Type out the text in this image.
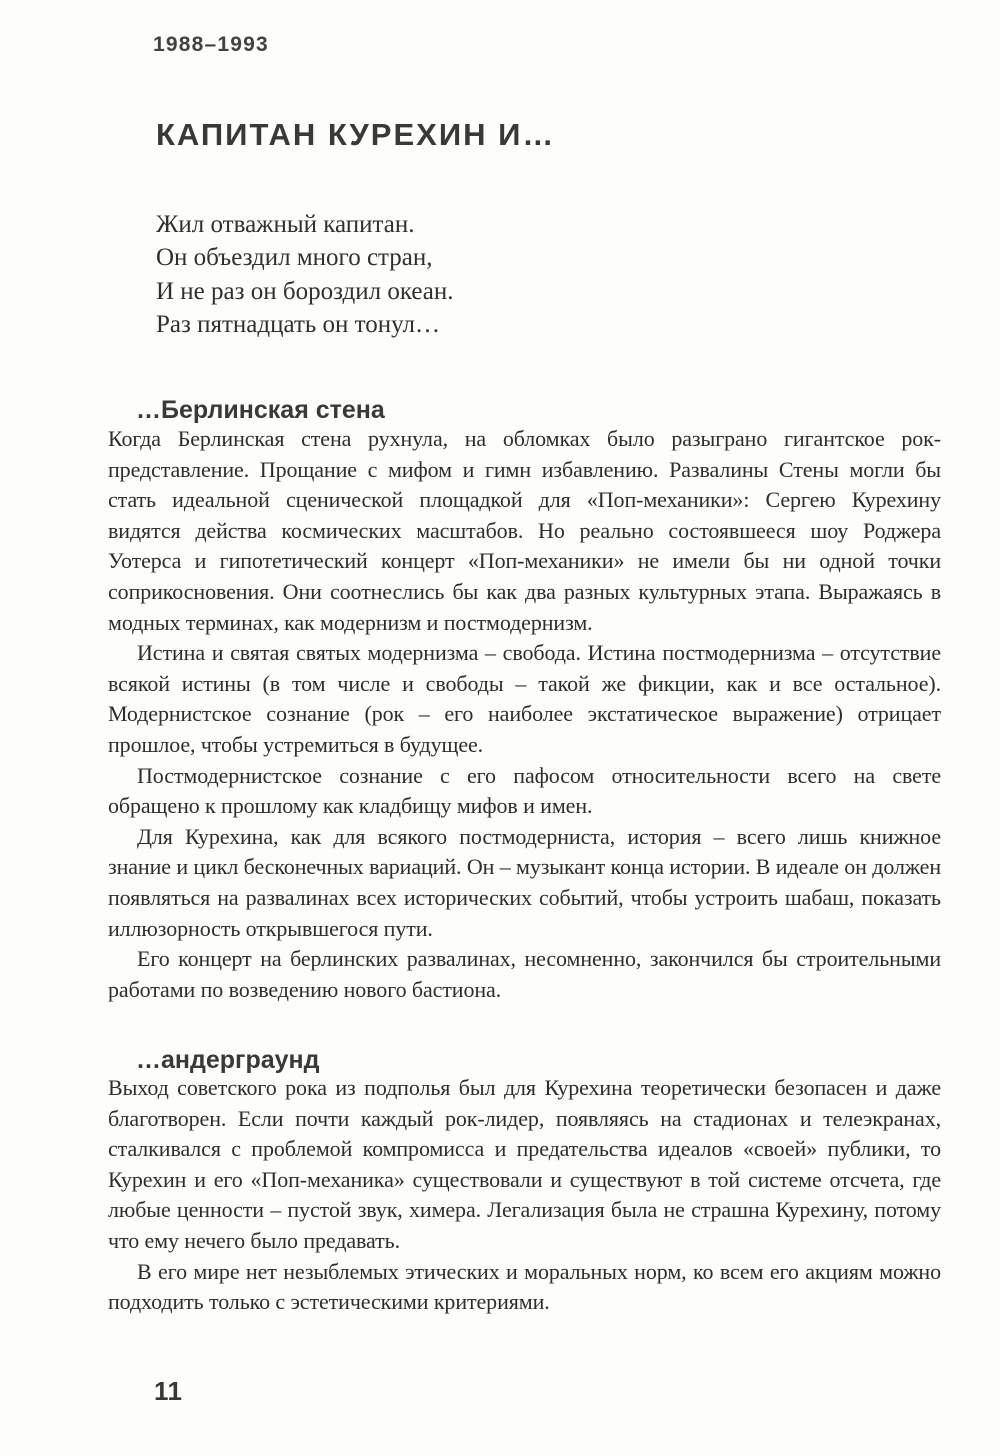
1988–1993
КАПИТАН КУРЕХИН И…
Жил отважный капитан.
Он объездил много стран,
И не раз он бороздил океан.
Раз пятнадцать он тонул…
…Берлинская стена

Когда Берлинская стена рухнула, на обломках было разыграно гигантское рок-представление. Прощание с мифом и гимн избавлению. Развалины Стены могли бы стать идеальной сценической площадкой для «Поп-механики»: Сергею Курехину видятся действа космических масштабов. Но реально состоявшееся шоу Роджера Уотерса и гипотетический концерт «Поп-механики» не имели бы ни одной точки соприкосновения. Они соотнеслись бы как два разных культурных этапа. Выражаясь в модных терминах, как модернизм и постмодернизм.

Истина и святая святых модернизма – свобода. Истина постмодернизма – отсутствие всякой истины (в том числе и свободы – такой же фикции, как и все остальное). Модернистское сознание (рок – его наиболее экстатическое выражение) отрицает прошлое, чтобы устремиться в будущее.

Постмодернистское сознание с его пафосом относительности всего на свете обращено к прошлому как кладбищу мифов и имен.

Для Курехина, как для всякого постмодерниста, история – всего лишь книжное знание и цикл бесконечных вариаций. Он – музыкант конца истории. В идеале он должен появляться на развалинах всех исторических событий, чтобы устроить шабаш, показать иллюзорность открывшегося пути.

Его концерт на берлинских развалинах, несомненно, закончился бы строительными работами по возведению нового бастиона.

…андерграунд

Выход советского рока из подполья был для Курехина теоретически безопасен и даже благотворен. Если почти каждый рок-лидер, появляясь на стадионах и телеэкранах, сталкивался с проблемой компромисса и предательства идеалов «своей» публики, то Курехин и его «Поп-механика» существовали и существуют в той системе отсчета, где любые ценности – пустой звук, химера. Легализация была не страшна Курехину, потому что ему нечего было предавать.

В его мире нет незыблемых этических и моральных норм, ко всем его акциям можно подходить только с эстетическими критериями.

11
